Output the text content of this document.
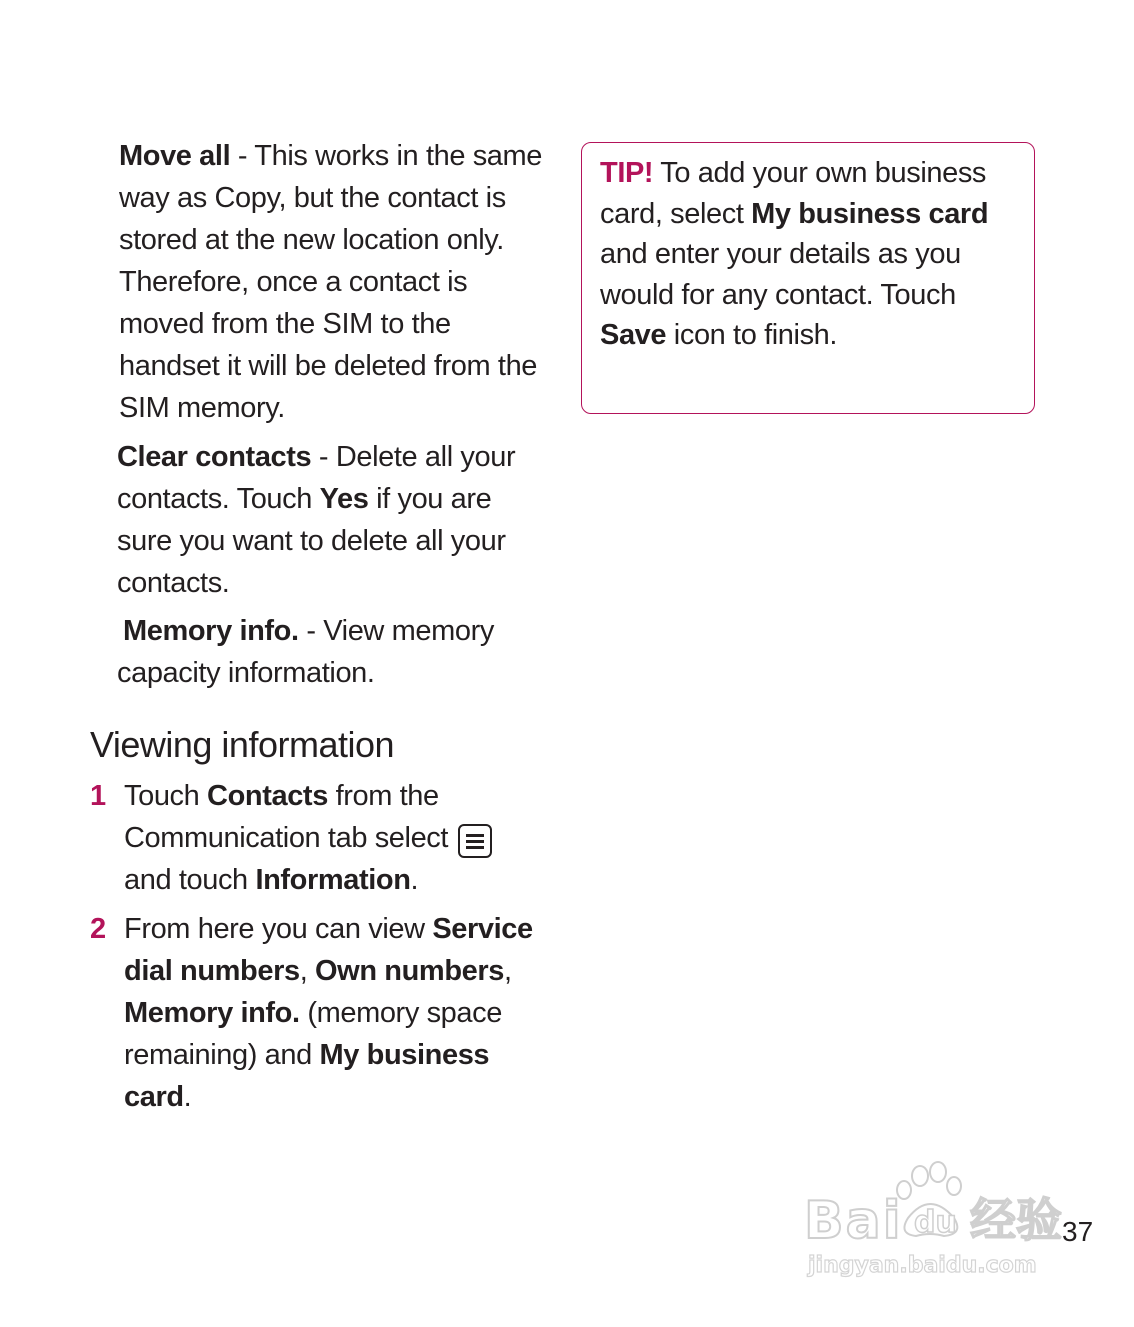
Move all - This works in the same way as Copy, but the contact is stored at the new location only. Therefore, once a contact is moved from the SIM to the handset it will be deleted from the SIM memory.

Clear contacts - Delete all your contacts. Touch Yes if you are sure you want to delete all your contacts.

Memory info. - View memory capacity information.

Viewing information
1 Touch Contacts from the Communication tab select

and touch Information.
2 From here you can view Service dial numbers, Own numbers, Memory info. (memory space remaining) and My business card.
TIP! To add your own business card, select My business card and enter your details as you would for any contact. Touch Save icon to finish.
Bai du 经验
jingyan.baidu.com
37
